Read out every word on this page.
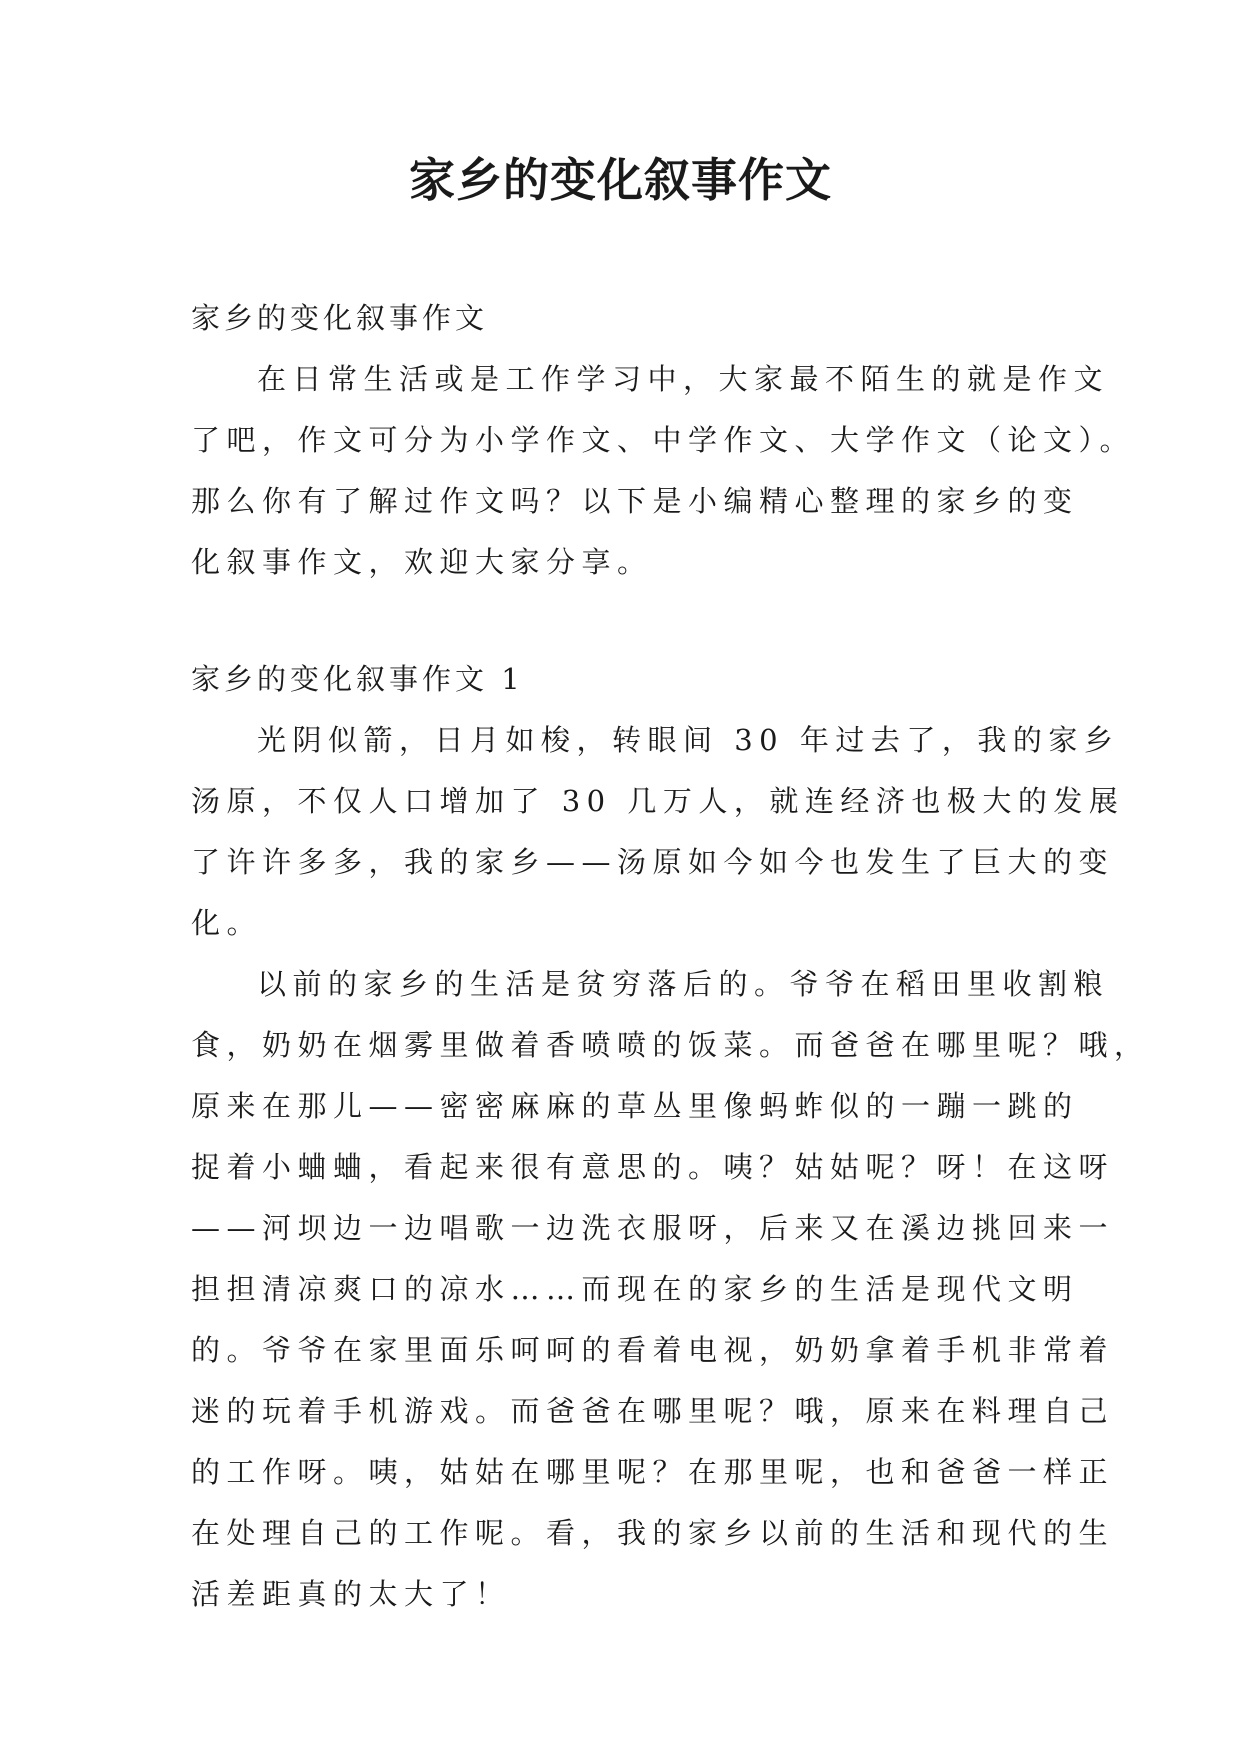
家乡的变化叙事作文
家乡的变化叙事作文
在日常生活或是工作学习中，大家最不陌生的就是作文
了吧，作文可分为小学作文、中学作文、大学作文（论文）。
那么你有了解过作文吗？以下是小编精心整理的家乡的变
化叙事作文，欢迎大家分享。
家乡的变化叙事作文 1
光阴似箭，日月如梭，转眼间 30 年过去了，我的家乡
汤原，不仅人口增加了 30 几万人，就连经济也极大的发展
了许许多多，我的家乡——汤原如今如今也发生了巨大的变
化。
以前的家乡的生活是贫穷落后的。爷爷在稻田里收割粮
食，奶奶在烟雾里做着香喷喷的饭菜。而爸爸在哪里呢？哦，
原来在那儿——密密麻麻的草丛里像蚂蚱似的一蹦一跳的
捉着小蛐蛐，看起来很有意思的。咦？姑姑呢？呀！在这呀
——河坝边一边唱歌一边洗衣服呀，后来又在溪边挑回来一
担担清凉爽口的凉水……而现在的家乡的生活是现代文明
的。爷爷在家里面乐呵呵的看着电视，奶奶拿着手机非常着
迷的玩着手机游戏。而爸爸在哪里呢？哦，原来在料理自己
的工作呀。咦，姑姑在哪里呢？在那里呢，也和爸爸一样正
在处理自己的工作呢。看，我的家乡以前的生活和现代的生
活差距真的太大了！
